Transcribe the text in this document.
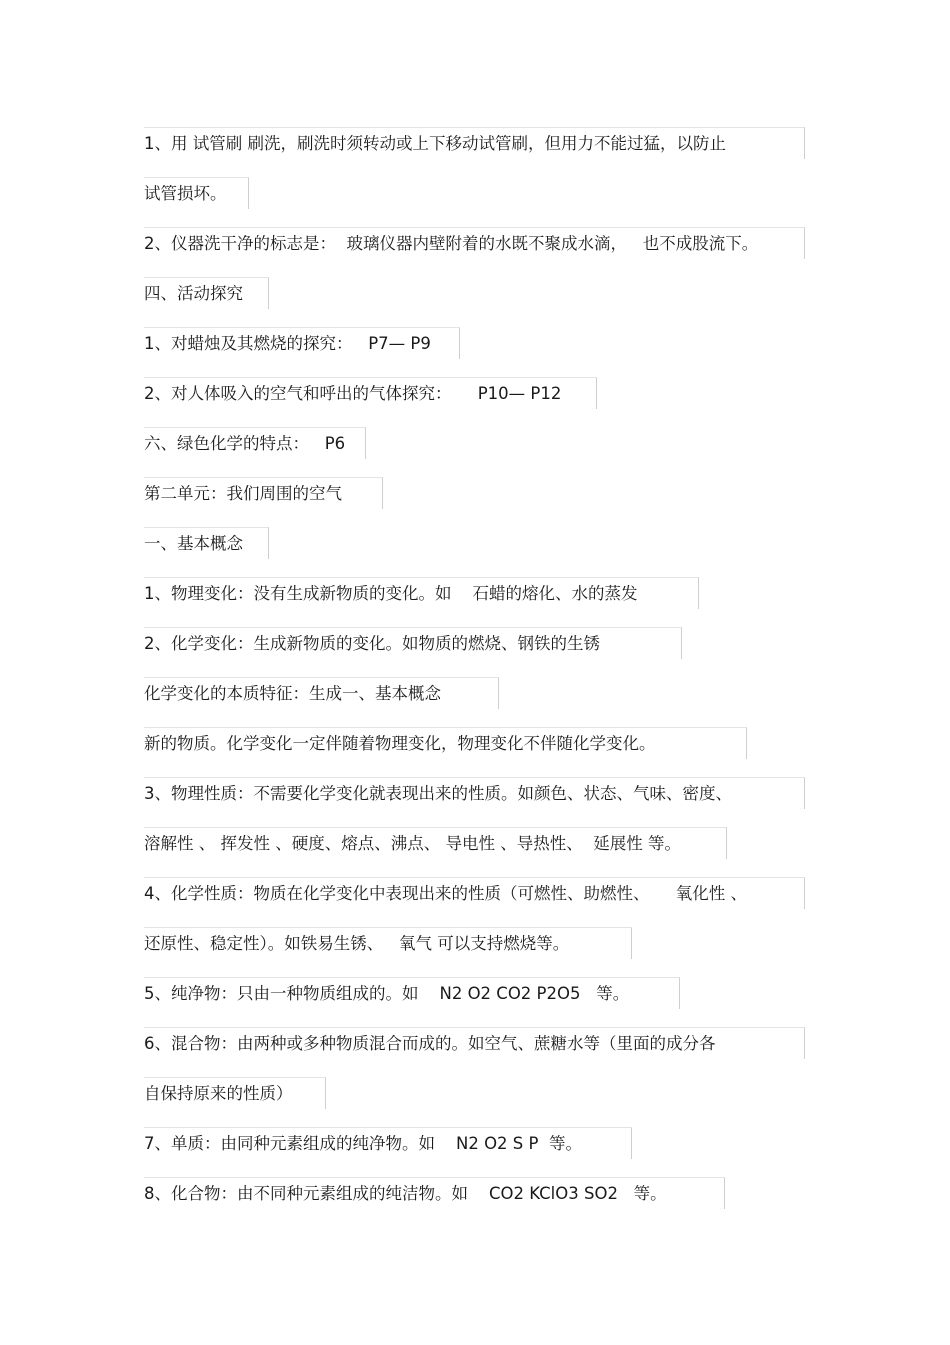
1、用 试管刷 刷洗，刷洗时须转动或上下移动试管刷，但用力不能过猛，以防止
试管损坏。
2、仪器洗干净的标志是：  玻璃仪器内壁附着的水既不聚成水滴，   也不成股流下。
四、活动探究
1、对蜡烛及其燃烧的探究：   P7— P9
2、对人体吸入的空气和呼出的气体探究：     P10— P12
六、绿色化学的特点：   P6
第二单元：我们周围的空气
一、基本概念
1、物理变化：没有生成新物质的变化。如    石蜡的熔化、水的蒸发
2、化学变化：生成新物质的变化。如物质的燃烧、钢铁的生锈
化学变化的本质特征：生成一、基本概念
新的物质。化学变化一定伴随着物理变化，物理变化不伴随化学变化。
3、物理性质：不需要化学变化就表现出来的性质。如颜色、状态、气味、密度、
溶解性 、 挥发性 、硬度、熔点、沸点、 导电性 、导热性、  延展性 等。
4、化学性质：物质在化学变化中表现出来的性质（可燃性、助燃性、     氧化性 、
还原性、稳定性）。如铁易生锈、   氧气 可以支持燃烧等。
5、纯净物：只由一种物质组成的。如    N2 O2 CO2 P2O5   等。
6、混合物：由两种或多种物质混合而成的。如空气、蔗糖水等（里面的成分各
自保持原来的性质）
7、单质：由同种元素组成的纯净物。如    N2 O2 S P  等。
8、化合物：由不同种元素组成的纯洁物。如    CO2 KClO3 SO2   等。
